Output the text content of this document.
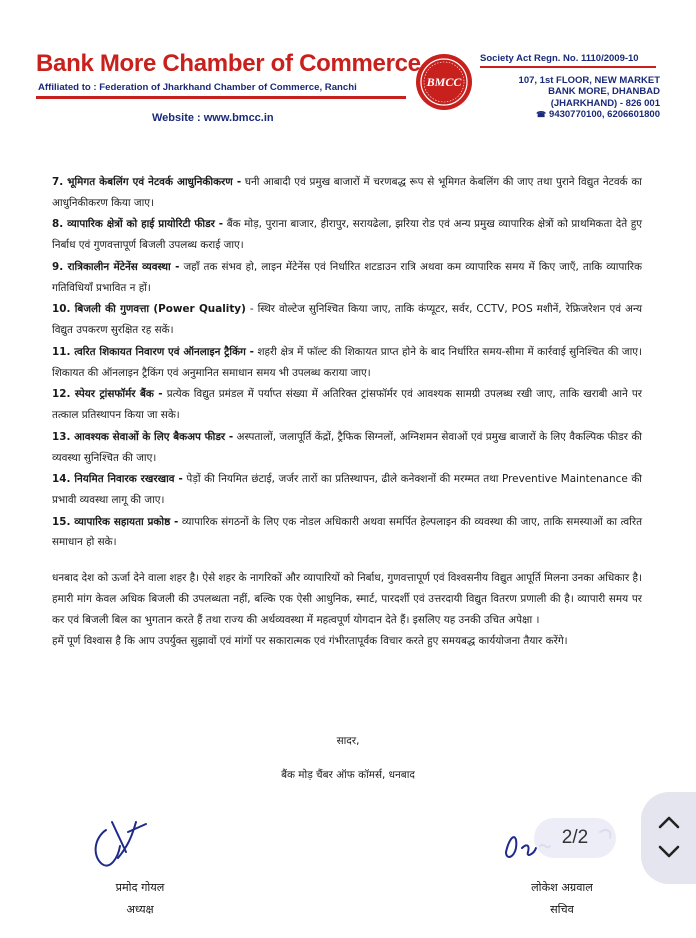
Bank More Chamber of Commerce
Affiliated to : Federation of Jharkhand Chamber of Commerce, Ranchi
Website : www.bmcc.in
BMCC
Society Act Regn. No. 1110/2009-10
107, 1st FLOOR, NEW MARKET
BANK MORE, DHANBAD
(JHARKHAND) - 826 001
☎ 9430770100, 6206601800

7. भूमिगत केबलिंग एवं नेटवर्क आधुनिकीकरण - घनी आबादी एवं प्रमुख बाजारों में चरणबद्ध रूप से भूमिगत केबलिंग की जाए तथा पुराने विद्युत नेटवर्क का आधुनिकीकरण किया जाए।

8. व्यापारिक क्षेत्रों को हाई प्रायोरिटी फीडर - बैंक मोड़, पुराना बाजार, हीरापुर, सरायढेला, झरिया रोड एवं अन्य प्रमुख व्यापारिक क्षेत्रों को प्राथमिकता देते हुए निर्बाध एवं गुणवत्तापूर्ण बिजली उपलब्ध कराई जाए।

9. रात्रिकालीन मेंटेनेंस व्यवस्था - जहाँ तक संभव हो, लाइन मेंटेनेंस एवं निर्धारित शटडाउन रात्रि अथवा कम व्यापारिक समय में किए जाएँ, ताकि व्यापारिक गतिविधियाँ प्रभावित न हों।

10. बिजली की गुणवत्ता (Power Quality) - स्थिर वोल्टेज सुनिश्चित किया जाए, ताकि कंप्यूटर, सर्वर, CCTV, POS मशीनें, रेफ्रिजरेशन एवं अन्य विद्युत उपकरण सुरक्षित रह सकें।

11. त्वरित शिकायत निवारण एवं ऑनलाइन ट्रैकिंग - शहरी क्षेत्र में फॉल्ट की शिकायत प्राप्त होने के बाद निर्धारित समय-सीमा में कार्रवाई सुनिश्चित की जाए। शिकायत की ऑनलाइन ट्रैकिंग एवं अनुमानित समाधान समय भी उपलब्ध कराया जाए।

12. स्पेयर ट्रांसफॉर्मर बैंक - प्रत्येक विद्युत प्रमंडल में पर्याप्त संख्या में अतिरिक्त ट्रांसफॉर्मर एवं आवश्यक सामग्री उपलब्ध रखी जाए, ताकि खराबी आने पर तत्काल प्रतिस्थापन किया जा सके।

13. आवश्यक सेवाओं के लिए बैकअप फीडर - अस्पतालों, जलापूर्ति केंद्रों, ट्रैफिक सिग्नलों, अग्निशमन सेवाओं एवं प्रमुख बाजारों के लिए वैकल्पिक फीडर की व्यवस्था सुनिश्चित की जाए।

14. नियमित निवारक रखरखाव - पेड़ों की नियमित छंटाई, जर्जर तारों का प्रतिस्थापन, ढीले कनेक्शनों की मरम्मत तथा Preventive Maintenance की प्रभावी व्यवस्था लागू की जाए।

15. व्यापारिक सहायता प्रकोष्ठ - व्यापारिक संगठनों के लिए एक नोडल अधिकारी अथवा समर्पित हेल्पलाइन की व्यवस्था की जाए, ताकि समस्याओं का त्वरित समाधान हो सके।

धनबाद देश को ऊर्जा देने वाला शहर है। ऐसे शहर के नागरिकों और व्यापारियों को निर्बाध, गुणवत्तापूर्ण एवं विश्वसनीय विद्युत आपूर्ति मिलना उनका अधिकार है। हमारी मांग केवल अधिक बिजली की उपलब्धता नहीं, बल्कि एक ऐसी आधुनिक, स्मार्ट, पारदर्शी एवं उत्तरदायी विद्युत वितरण प्रणाली की है। व्यापारी समय पर कर एवं बिजली बिल का भुगतान करते हैं तथा राज्य की अर्थव्यवस्था में महत्वपूर्ण योगदान देते हैं। इसलिए यह उनकी उचित अपेक्षा ।

हमें पूर्ण विश्वास है कि आप उपर्युक्त सुझावों एवं मांगों पर सकारात्मक एवं गंभीरतापूर्वक विचार करते हुए समयबद्ध कार्ययोजना तैयार करेंगे।

सादर,
बैंक मोड़ चैंबर ऑफ कॉमर्स, धनबाद
प्रमोद गोयल
अध्यक्ष
लोकेश अग्रवाल
सचिव
2/2
